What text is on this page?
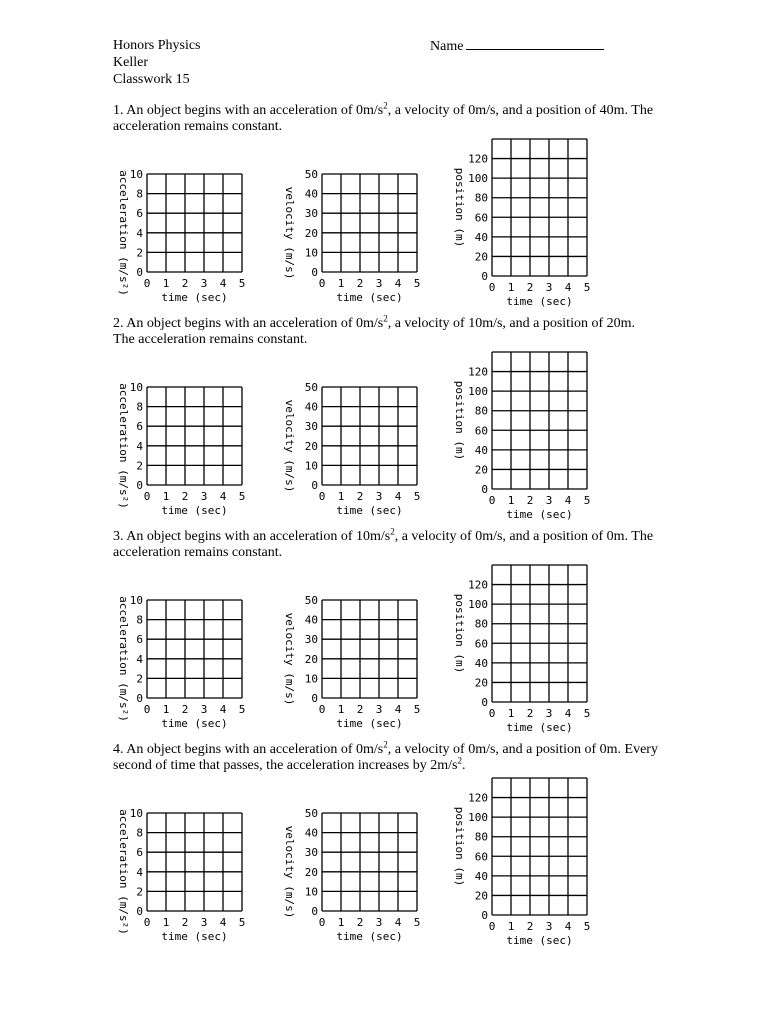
Honors Physics
Keller
Classwork 15
Name
1. An object begins with an acceleration of $0m/s^2$, a velocity of 0m/s, and a position of 40m. The acceleration remains constant.
2. An object begins with an acceleration of $0m/s^2$, a velocity of 10m/s, and a position of 20m. The acceleration remains constant.
3. An object begins with an acceleration of $10m/s^2$, a velocity of 0m/s, and a position of 0m. The acceleration remains constant.
4. An object begins with an acceleration of $0m/s^2$, a velocity of 0m/s, and a position of 0m. Every second of time that passes, the acceleration increases by $2m/s^2$.
0
2
4
6
8
10
0 1 2 3 4 5
time (sec)
acceleration (m/s²)	0
10
20
30
40
50
0 1 2 3 4 5
time (sec)
velocity (m/s)	0
20
40
60
80
100
120
0 1 2 3 4 5
time (sec)
position (m)
0
2
4
6
8
10
0 1 2 3 4 5
time (sec)
acceleration (m/s²)	0
10
20
30
40
50
0 1 2 3 4 5
time (sec)
velocity (m/s)	0
20
40
60
80
100
120
0 1 2 3 4 5
time (sec)
position (m)
0
2
4
6
8
10
0 1 2 3 4 5
time (sec)
acceleration (m/s²)	0
10
20
30
40
50
0 1 2 3 4 5
time (sec)
velocity (m/s)	0
20
40
60
80
100
120
0 1 2 3 4 5
time (sec)
position (m)
0
2
4
6
8
10
0 1 2 3 4 5
time (sec)
acceleration (m/s²)	0
10
20
30
40
50
0 1 2 3 4 5
time (sec)
velocity (m/s)	0
20
40
60
80
100
120
0 1 2 3 4 5
time (sec)
position (m)
